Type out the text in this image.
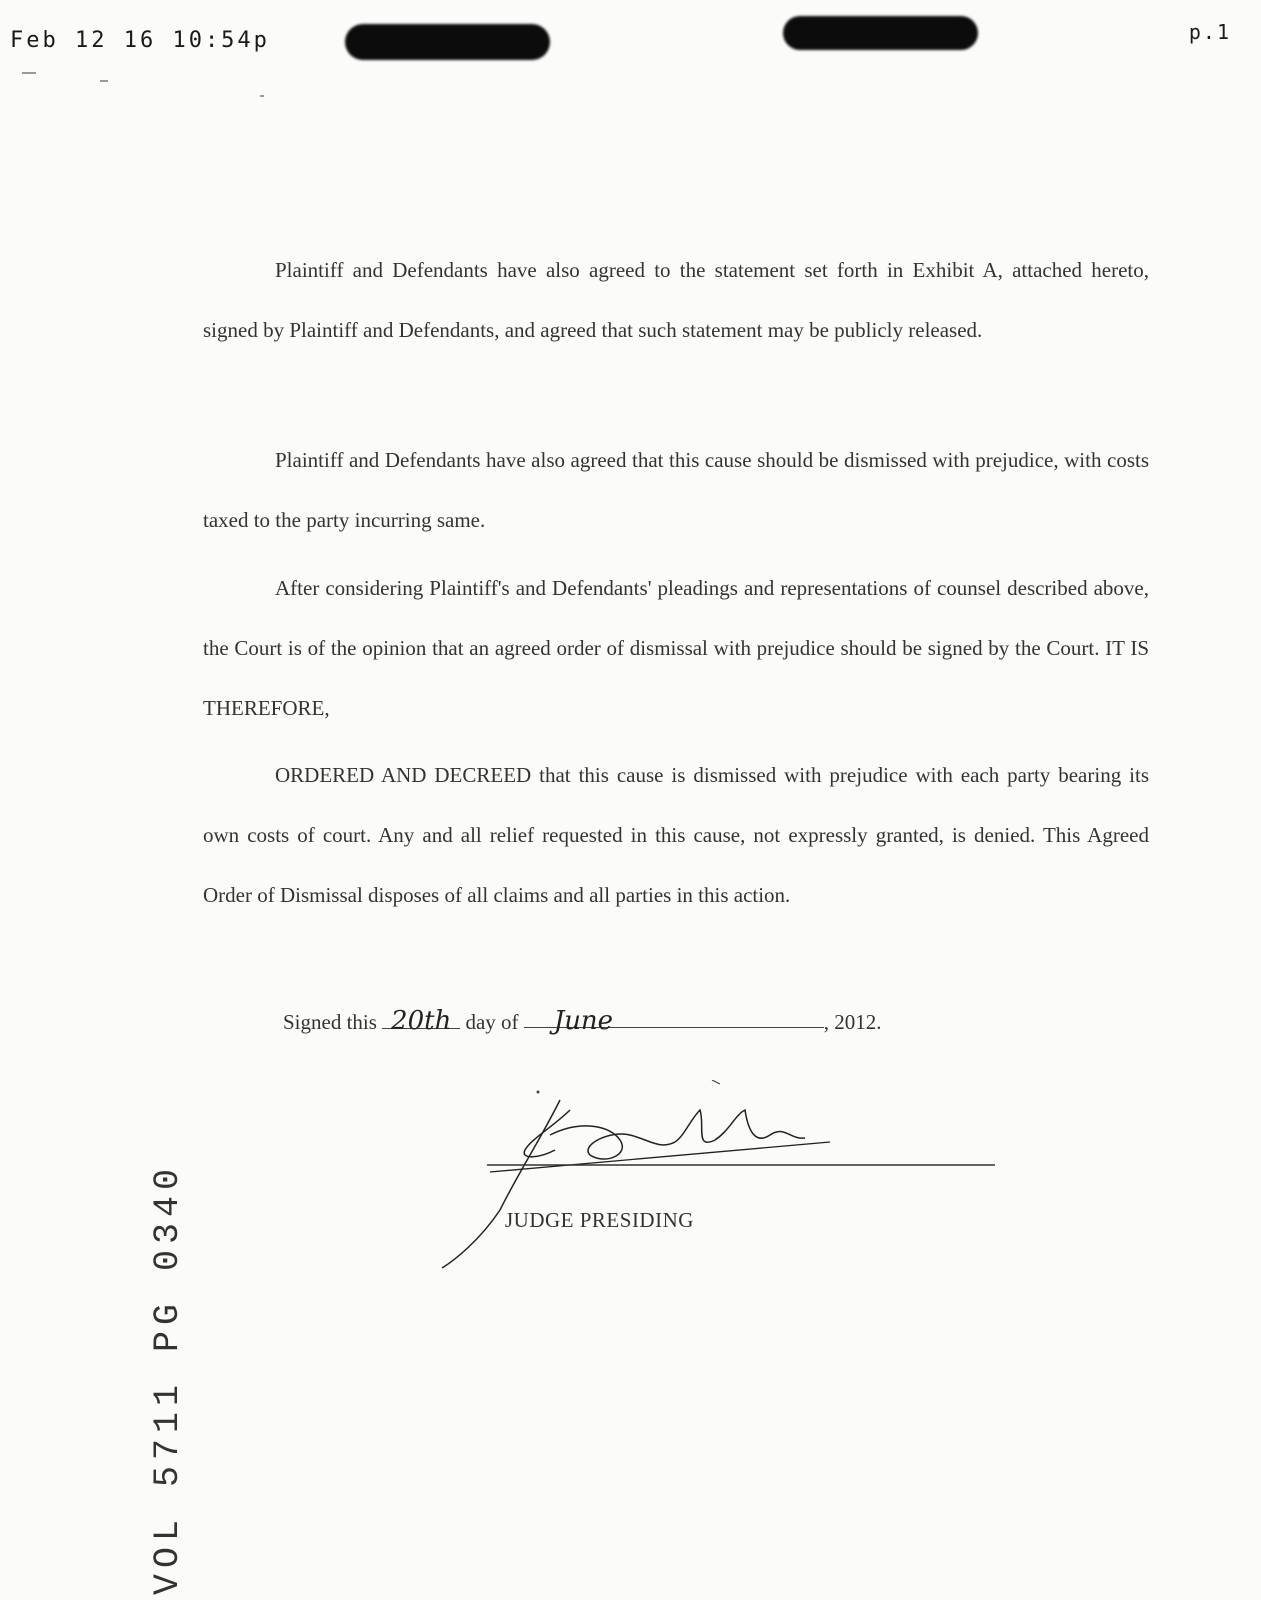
Feb 12 16 10:54p	p.1

Plaintiff and Defendants have also agreed to the statement set forth in Exhibit A, attached hereto, signed by Plaintiff and Defendants, and agreed that such statement may be publicly released.

Plaintiff and Defendants have also agreed that this cause should be dismissed with prejudice, with costs taxed to the party incurring same.

After considering Plaintiff's and Defendants' pleadings and representations of counsel described above, the Court is of the opinion that an agreed order of dismissal with prejudice should be signed by the Court. IT IS THEREFORE,

ORDERED AND DECREED that this cause is dismissed with prejudice with each party bearing its own costs of court. Any and all relief requested in this cause, not expressly granted, is denied. This Agreed Order of Dismissal disposes of all claims and all parties in this action.

Signed this 20th day of June	, 2012.
JUDGE PRESIDING
VOL 5711 PG 0340
